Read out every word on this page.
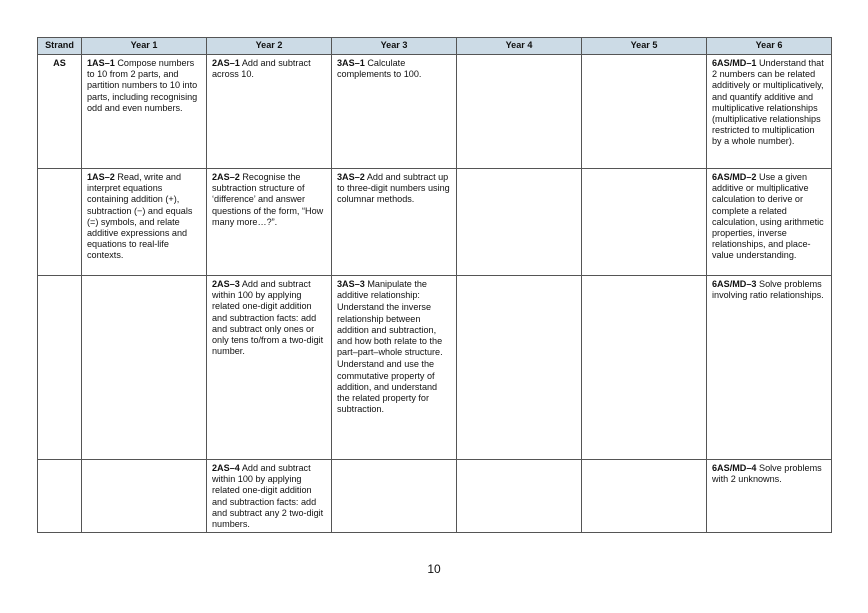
Strand	Year 1	Year 2	Year 3	Year 4	Year 5	Year 6
AS	1AS–1 Compose numbers to 10 from 2 parts, and partition numbers to 10 into parts, including recognising odd and even numbers.	2AS–1 Add and subtract across 10.	3AS–1 Calculate complements to 100.			6AS/MD–1 Understand that 2 numbers can be related additively or multiplicatively, and quantify additive and multiplicative relationships (multiplicative relationships restricted to multiplication by a whole number).
	1AS–2 Read, write and interpret equations containing addition (+), subtraction (−) and equals (=) symbols, and relate additive expressions and equations to real-life contexts.	2AS–2 Recognise the subtraction structure of ‘difference’ and answer questions of the form, “How many more…?”.	3AS–2 Add and subtract up to three-digit numbers using columnar methods.			6AS/MD–2 Use a given additive or multiplicative calculation to derive or complete a related calculation, using arithmetic properties, inverse relationships, and place-value understanding.
		2AS–3 Add and subtract within 100 by applying related one-digit addition and subtraction facts: add and subtract only ones or only tens to/from a two-digit number.	3AS–3 Manipulate the additive relationship:

Understand the inverse relationship between addition and subtraction, and how both relate to the part–part–whole structure.

Understand and use the commutative property of addition, and understand the related property for subtraction.			6AS/MD–3 Solve problems involving ratio relationships.
		2AS–4 Add and subtract within 100 by applying related one-digit addition and subtraction facts: add and subtract any 2 two-digit numbers.				6AS/MD–4 Solve problems with 2 unknowns.
10
